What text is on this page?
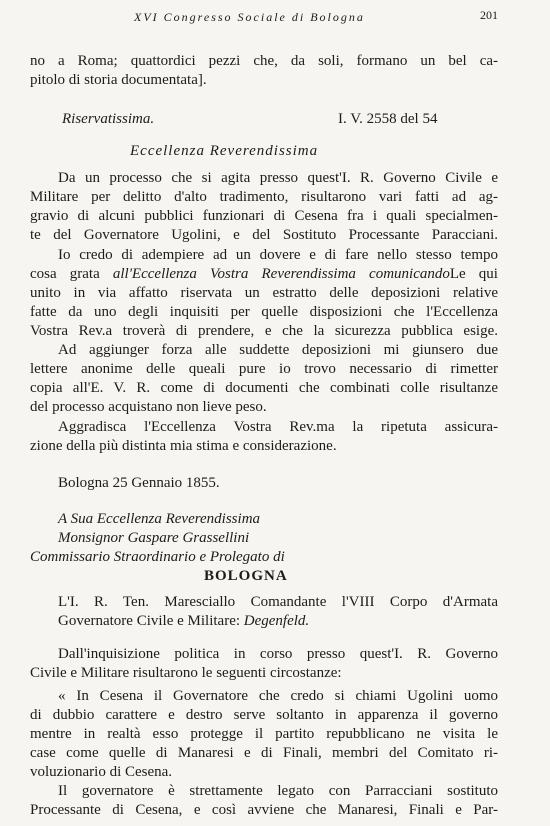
XVI Congresso Sociale di Bologna	201
no a Roma; quattordici pezzi che, da soli, formano un bel ca-
pitolo di storia documentata].
Riservatissima.	I. V. 2558 del 54
Eccellenza Reverendissima
Da un processo che si agita presso quest'I. R. Governo Civile e
Militare per delitto d'alto tradimento, risultarono vari fatti ad ag-
gravio di alcuni pubblici funzionari di Cesena fra i quali specialmen-
te del Governatore Ugolini, e del Sostituto Processante Paracciani.
Io credo di adempiere ad un dovere e di fare nello stesso tempo
cosa grata all'Eccellenza Vostra Reverendissima comunicandoLe qui
unito in via affatto riservata un estratto delle deposizioni relative
fatte da uno degli inquisiti per quelle disposizioni che l'Eccellenza
Vostra Rev.a troverà di prendere, e che la sicurezza pubblica esige.
Ad aggiunger forza alle suddette deposizioni mi giunsero due
lettere anonime delle queali pure io trovo necessario di rimetter
copia all'E. V. R. come di documenti che combinati colle risultanze
del processo acquistano non lieve peso.
Aggradisca l'Eccellenza Vostra Rev.ma la ripetuta assicura-
zione della più distinta mia stima e considerazione.
Bologna 25 Gennaio 1855.
A Sua Eccellenza Reverendissima
Monsignor Gaspare Grassellini
Commissario Straordinario e Prolegato di
BOLOGNA
L'I. R. Ten. Maresciallo Comandante l'VIII Corpo d'Armata
Governatore Civile e Militare: Degenfeld.
Dall'inquisizione politica in corso presso quest'I. R. Governo
Civile e Militare risultarono le seguenti circostanze:
« In Cesena il Governatore che credo si chiami Ugolini uomo
di dubbio carattere e destro serve soltanto in apparenza il governo
mentre in realtà esso protegge il partito repubblicano ne visita le
case come quelle di Manaresi e di Finali, membri del Comitato ri-
voluzionario di Cesena.
Il governatore è strettamente legato con Parracciani sostituto
Processante di Cesena, e così avviene che Manaresi, Finali e Par-
